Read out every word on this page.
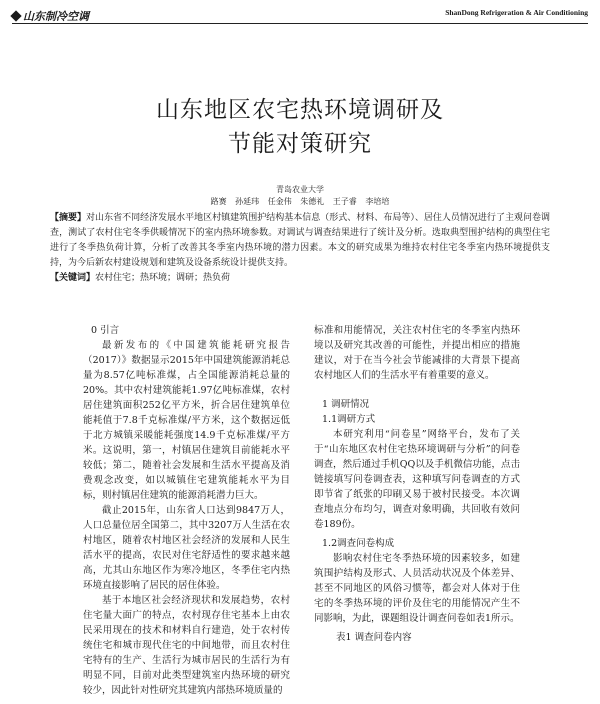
山东制冷空调	ShanDong Refrigeration & Air Conditioning
山东地区农宅热环境调研及
节能对策研究
青岛农业大学
路赛 孙延玮 任金伟 朱德礼 王子睿 李培培

【摘要】对山东省不同经济发展水平地区村镇建筑围护结构基本信息（形式、材料、布局等）、居住人员情况进行了主观问卷调查，测试了农村住宅冬季供暖情况下的室内热环境参数。对调试与调查结果进行了统计及分析。选取典型围护结构的典型住宅进行了冬季热负荷计算，分析了改善其冬季室内热环境的潜力因素。本文的研究成果为维持农村住宅冬季室内热环境提供支持，为今后新农村建设规划和建筑及设备系统设计提供支持。

【关键词】农村住宅；热环境；调研；热负荷

0 引言

最新发布的《中国建筑能耗研究报告（2017）》数据显示2015年中国建筑能源消耗总量为8.57亿吨标准煤，占全国能源消耗总量的20%。其中农村建筑能耗1.97亿吨标准煤，农村居住建筑面积252亿平方米，折合居住建筑单位能耗值于7.8千克标准煤/平方米，这个数据远低于北方城镇采暖能耗强度14.9千克标准煤/平方米。这说明，第一，村镇居住建筑目前能耗水平较低；第二，随着社会发展和生活水平提高及消费观念改变，如以城镇住宅建筑能耗水平为目标，则村镇居住建筑的能源消耗潜力巨大。

截止2015年，山东省人口达到9847万人，人口总量位居全国第二，其中3207万人生活在农村地区，随着农村地区社会经济的发展和人民生活水平的提高，农民对住宅舒适性的要求越来越高，尤其山东地区作为寒冷地区，冬季住宅内热环境直接影响了居民的居住体验。

基于本地区社会经济现状和发展趋势，农村住宅量大面广的特点，农村现存住宅基本上由农民采用现在的技术和材料自行建造，处于农村传统住宅和城市现代住宅的中间地带，而且农村住宅特有的生产、生活行为城市居民的生活行为有明显不同，目前对此类型建筑室内热环境的研究较少，因此针对性研究其建筑内部热环境质量的

标准和用能情况，关注农村住宅的冬季室内热环境以及研究其改善的可能性，并提出相应的措施建议，对于在当今社会节能减排的大背景下提高农村地区人们的生活水平有着重要的意义。

1 调研情况

1.1调研方式

本研究利用“问卷星”网络平台，发布了关于“山东地区农村住宅热环境调研与分析”的问卷调查，然后通过手机QQ以及手机微信功能，点击链接填写问卷调查表，这种填写问卷调查的方式即节省了纸张的印刷又易于被村民接受。本次调查地点分布均匀，调查对象明确，共回收有效问卷189份。

1.2调查问卷构成

影响农村住宅冬季热环境的因素较多，如建筑围护结构及形式、人员活动状况及个体差异、甚至不同地区的风俗习惯等，都会对人体对于住宅的冬季热环境的评价及住宅的用能情况产生不同影响，为此，课题组设计调查问卷如表1所示。

表1 调查问卷内容
